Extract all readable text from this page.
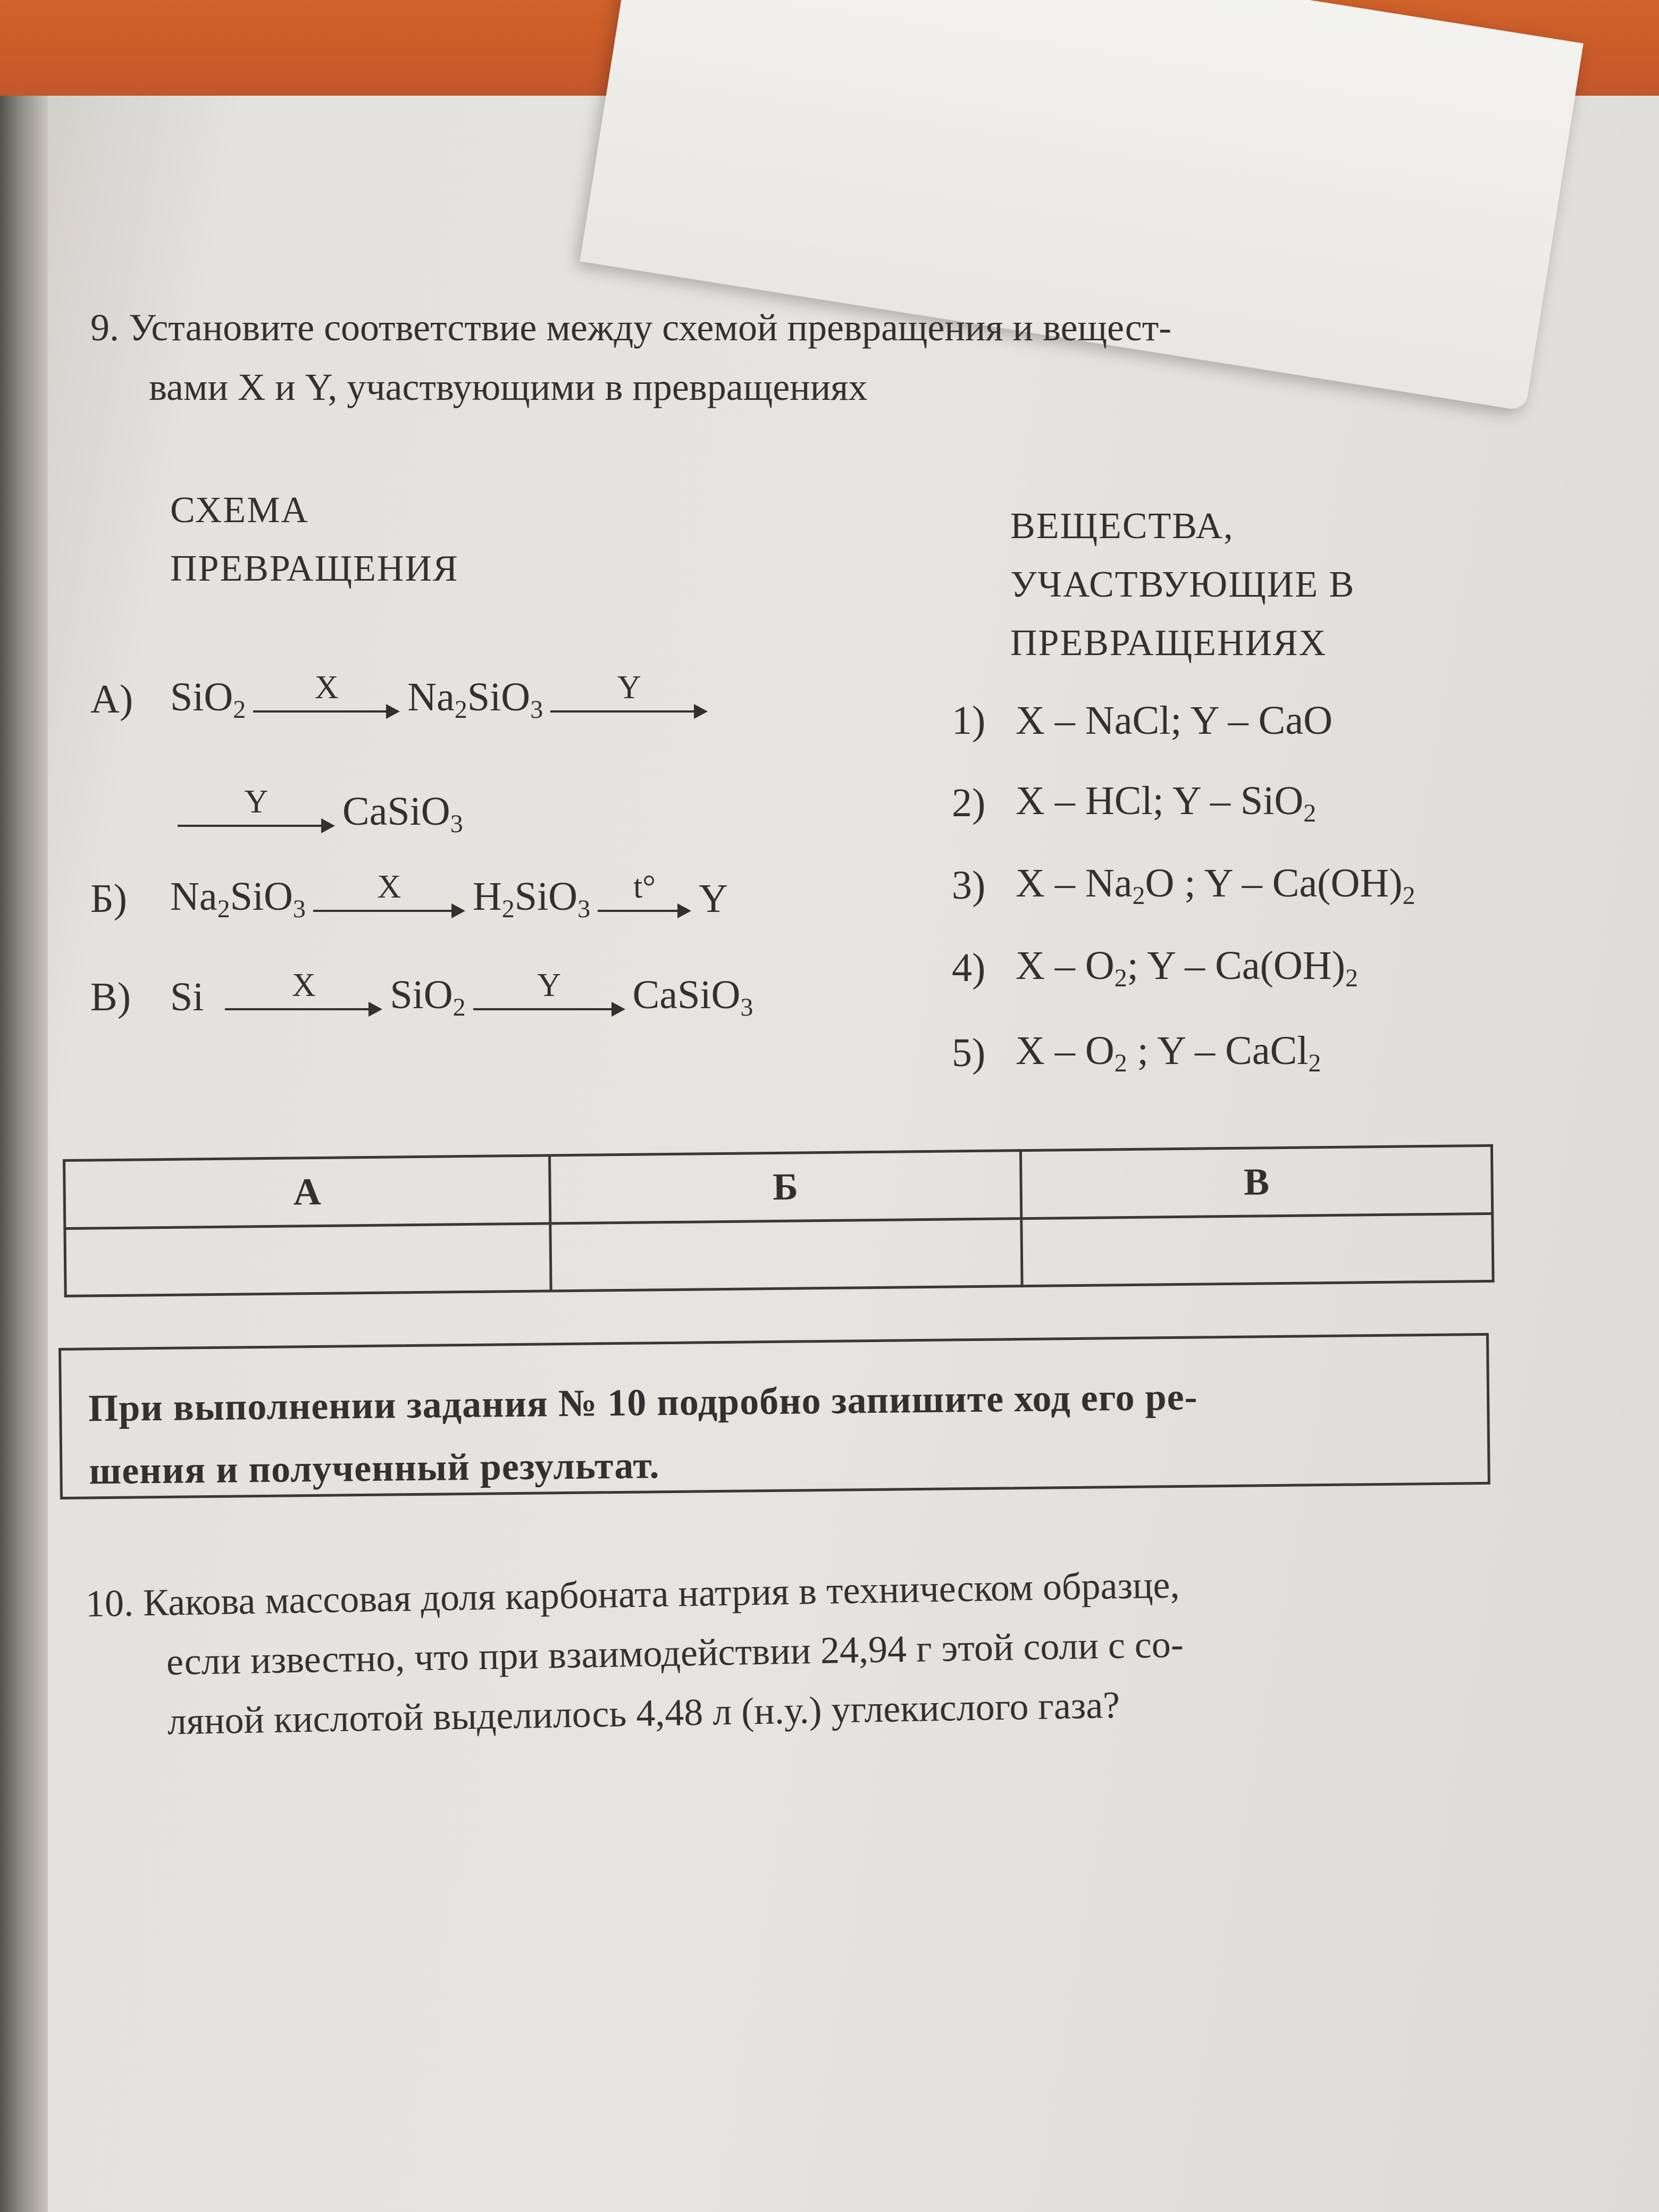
9. Установите соответствие между схемой превращения и вещест-
вами X и Y, участвующими в превращениях
СХЕМА
ПРЕВРАЩЕНИЯ
ВЕЩЕСТВА,
УЧАСТВУЮЩИЕ В
ПРЕВРАЩЕНИЯХ
А) SiO$_2$
X $Na_2SiO_3$
Y
Y CaSiO$_3$
Б)	$Na_2SiO_3$
X $H_2SiO_3$
t° Y
В) Si	X SiO$_2$
Y CaSiO$_3$
1) X – NaCl; Y – CaO
2) X – HCl; Y – SiO$_2$
3) X – $Na_2O$ ; Y – $Ca(OH)_2$
4) X – $O_2$; Y – $Ca(OH)_2$
5) X – $O_2$ ; Y – CaCl$_2$
А	Б	В

При выполнении задания № 10 подробно запишите ход его ре-
шения и полученный результат.
10. Какова массовая доля карбоната натрия в техническом образце,
если известно, что при взаимодействии 24,94 г этой соли с со-
ляной кислотой выделилось 4,48 л (н.у.) углекислого газа?
